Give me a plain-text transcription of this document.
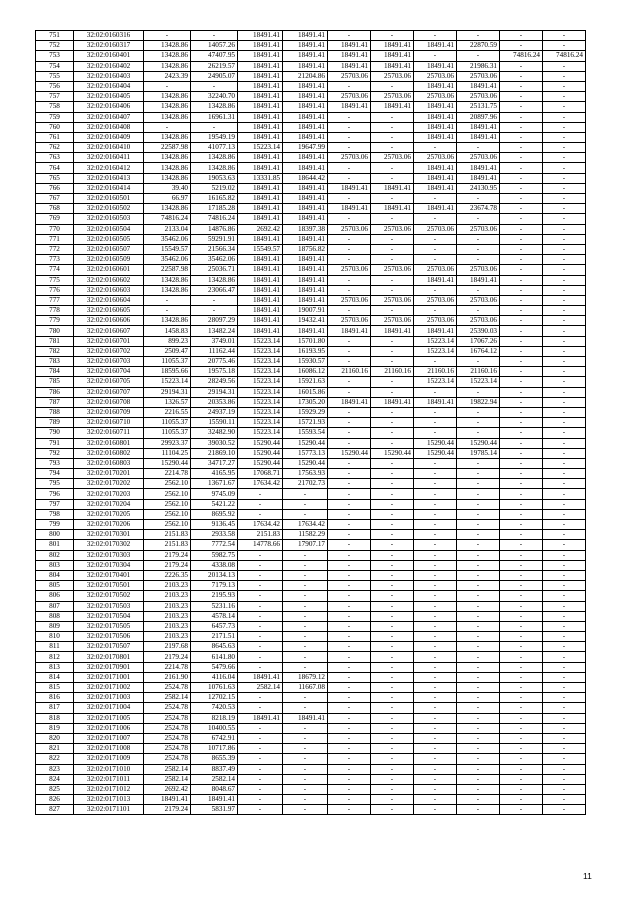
751	32:02:0160316	-	-	18491.41	18491.41	-	-	-	-	-	-
752	32:02:0160317	13428.86	14057.26	18491.41	18491.41	18491.41	18491.41	18491.41	22870.59	-	-
753	32:02:0160401	13428.86	47407.95	18491.41	18491.41	18491.41	18491.41	-	-	74816.24	74816.24
754	32:02:0160402	13428.86	26219.57	18491.41	18491.41	18491.41	18491.41	18491.41	21986.31	-	-
755	32:02:0160403	2423.39	24905.07	18491.41	21204.86	25703.06	25703.06	25703.06	25703.06	-	-
756	32:02:0160404	-	-	18491.41	18491.41	-	-	18491.41	18491.41	-	-
757	32:02:0160405	13428.86	32240.70	18491.41	18491.41	25703.06	25703.06	25703.06	25703.06	-	-
758	32:02:0160406	13428.86	13428.86	18491.41	18491.41	18491.41	18491.41	18491.41	25131.75	-	-
759	32:02:0160407	13428.86	16961.31	18491.41	18491.41	-	-	18491.41	20897.96	-	-
760	32:02:0160408	-	-	18491.41	18491.41	-	-	18491.41	18491.41	-	-
761	32:02:0160409	13428.86	19549.19	18491.41	18491.41	-	-	18491.41	18491.41	-	-
762	32:02:0160410	22587.98	41077.13	15223.14	19647.99	-	-	-	-	-	-
763	32:02:0160411	13428.86	13428.86	18491.41	18491.41	25703.06	25703.06	25703.06	25703.06	-	-
764	32:02:0160412	13428.86	13428.86	18491.41	18491.41	-	-	18491.41	18491.41	-	-
765	32:02:0160413	13428.86	19053.63	13331.85	18644.42	-	-	18491.41	18491.41	-	-
766	32:02:0160414	39.40	5219.02	18491.41	18491.41	18491.41	18491.41	18491.41	24130.95	-	-
767	32:02:0160501	66.97	16165.82	18491.41	18491.41	-	-	-	-	-	-
768	32:02:0160502	13428.86	17185.28	18491.41	18491.41	18491.41	18491.41	18491.41	23674.78	-	-
769	32:02:0160503	74816.24	74816.24	18491.41	18491.41	-	-	-	-	-	-
770	32:02:0160504	2133.04	14876.86	2692.42	18397.38	25703.06	25703.06	25703.06	25703.06	-	-
771	32:02:0160505	35462.06	59291.91	18491.41	18491.41	-	-	-	-	-	-
772	32:02:0160507	15549.57	21566.34	15549.57	18756.82	-	-	-	-	-	-
773	32:02:0160509	35462.06	35462.06	18491.41	18491.41	-	-	-	-	-	-
774	32:02:0160601	22587.98	25036.71	18491.41	18491.41	25703.06	25703.06	25703.06	25703.06	-	-
775	32:02:0160602	13428.86	13428.86	18491.41	18491.41	-	-	18491.41	18491.41	-	-
776	32:02:0160603	13428.86	23066.47	18491.41	18491.41	-	-	-	-	-	-
777	32:02:0160604	-	-	18491.41	18491.41	25703.06	25703.06	25703.06	25703.06	-	-
778	32:02:0160605	-	-	18491.41	19007.91	-	-	-	-	-	-
779	32:02:0160606	13428.86	28097.29	18491.41	19432.41	25703.06	25703.06	25703.06	25703.06	-	-
780	32:02:0160607	1458.83	13482.24	18491.41	18491.41	18491.41	18491.41	18491.41	25390.03	-	-
781	32:02:0160701	899.23	3749.01	15223.14	15701.80	-	-	15223.14	17067.26	-	-
782	32:02:0160702	2509.47	11162.44	15223.14	16193.95	-	-	15223.14	16764.12	-	-
783	32:02:0160703	11055.37	20775.46	15223.14	15930.57	-	-	-	-	-	-
784	32:02:0160704	18595.66	19575.18	15223.14	16086.12	21160.16	21160.16	21160.16	21160.16	-	-
785	32:02:0160705	15223.14	28249.56	15223.14	15921.63	-	-	15223.14	15223.14	-	-
786	32:02:0160707	29194.31	29194.31	15223.14	16015.86	-	-	-	-	-	-
787	32:02:0160708	1326.57	20353.86	15223.14	17305.20	18491.41	18491.41	18491.41	19822.94	-	-
788	32:02:0160709	2216.55	24937.19	15223.14	15929.29	-	-	-	-	-	-
789	32:02:0160710	11055.37	15590.11	15223.14	15721.93	-	-	-	-	-	-
790	32:02:0160711	11055.37	32482.90	15223.14	15593.54	-	-	-	-	-	-
791	32:02:0160801	29923.37	39030.52	15290.44	15290.44	-	-	15290.44	15290.44	-	-
792	32:02:0160802	11104.25	21869.10	15290.44	15773.13	15290.44	15290.44	15290.44	19785.14	-	-
793	32:02:0160803	15290.44	34717.27	15290.44	15290.44	-	-	-	-	-	-
794	32:02:0170201	2214.78	4165.95	17068.71	17563.93	-	-	-	-	-	-
795	32:02:0170202	2562.10	13671.67	17634.42	21702.73	-	-	-	-	-	-
796	32:02:0170203	2562.10	9745.09	-	-	-	-	-	-	-	-
797	32:02:0170204	2562.10	5421.22	-	-	-	-	-	-	-	-
798	32:02:0170205	2562.10	8695.92	-	-	-	-	-	-	-	-
799	32:02:0170206	2562.10	9136.45	17634.42	17634.42	-	-	-	-	-	-
800	32:02:0170301	2151.83	2933.58	2151.83	11582.29	-	-	-	-	-	-
801	32:02:0170302	2151.83	7772.54	14778.66	17907.17	-	-	-	-	-	-
802	32:02:0170303	2179.24	5982.75	-	-	-	-	-	-	-	-
803	32:02:0170304	2179.24	4338.08	-	-	-	-	-	-	-	-
804	32:02:0170401	2226.35	20134.13	-	-	-	-	-	-	-	-
805	32:02:0170501	2103.23	7179.13	-	-	-	-	-	-	-	-
806	32:02:0170502	2103.23	2195.93	-	-	-	-	-	-	-	-
807	32:02:0170503	2103.23	5231.16	-	-	-	-	-	-	-	-
808	32:02:0170504	2103.23	4578.14	-	-	-	-	-	-	-	-
809	32:02:0170505	2103.23	6457.73	-	-	-	-	-	-	-	-
810	32:02:0170506	2103.23	2171.51	-	-	-	-	-	-	-	-
811	32:02:0170507	2197.68	8645.63	-	-	-	-	-	-	-	-
812	32:02:0170801	2179.24	6141.80	-	-	-	-	-	-	-	-
813	32:02:0170901	2214.78	5479.66	-	-	-	-	-	-	-	-
814	32:02:0171001	2161.90	4116.04	18491.41	18679.12	-	-	-	-	-	-
815	32:02:0171002	2524.78	10761.63	2582.14	11667.08	-	-	-	-	-	-
816	32:02:0171003	2582.14	12702.15	-	-	-	-	-	-	-	-
817	32:02:0171004	2524.78	7420.53	-	-	-	-	-	-	-	-
818	32:02:0171005	2524.78	8218.19	18491.41	18491.41	-	-	-	-	-	-
819	32:02:0171006	2524.78	10400.55	-	-	-	-	-	-	-	-
820	32:02:0171007	2524.78	6742.91	-	-	-	-	-	-	-	-
821	32:02:0171008	2524.78	10717.86	-	-	-	-	-	-	-	-
822	32:02:0171009	2524.78	8655.39	-	-	-	-	-	-	-	-
823	32:02:0171010	2582.14	8837.49	-	-	-	-	-	-	-	-
824	32:02:0171011	2582.14	2582.14	-	-	-	-	-	-	-	-
825	32:02:0171012	2692.42	8048.67	-	-	-	-	-	-	-	-
826	32:02:0171013	18491.41	18491.41	-	-	-	-	-	-	-	-
827	32:02:0171101	2179.24	5831.97	-	-	-	-	-	-	-	-
11
